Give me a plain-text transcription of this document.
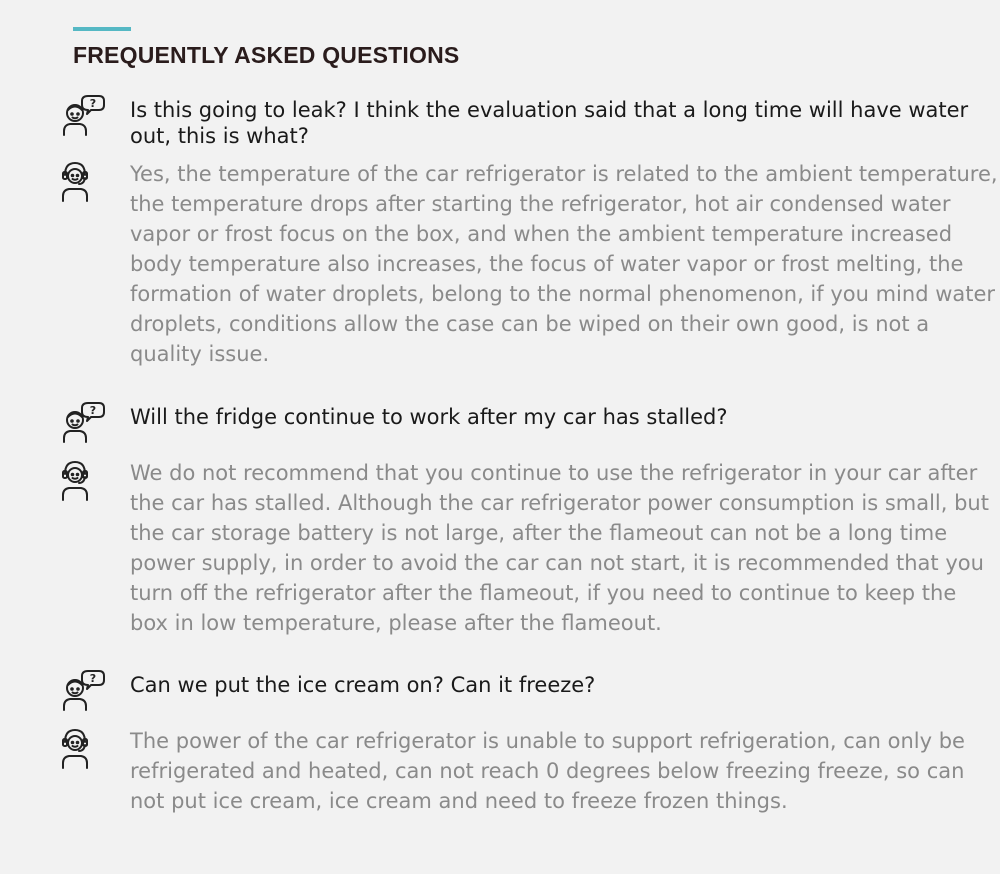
FREQUENTLY ASKED QUESTIONS
? Is this going to leak? I think the evaluation said that a long time will have water out, this is what?

Yes, the temperature of the car refrigerator is related to the ambient temperature, the temperature drops after starting the refrigerator, hot air condensed water vapor or frost focus on the box, and when the ambient temperature increased body temperature also increases, the focus of water vapor or frost melting, the formation of water droplets, belong to the normal phenomenon, if you mind water droplets, conditions allow the case can be wiped on their own good, is not a quality issue.

? Will the fridge continue to work after my car has stalled?

We do not recommend that you continue to use the refrigerator in your car after the car has stalled. Although the car refrigerator power consumption is small, but the car storage battery is not large, after the flameout can not be a long time power supply, in order to avoid the car can not start, it is recommended that you turn off the refrigerator after the flameout, if you need to continue to keep the box in low temperature, please after the flameout.

? Can we put the ice cream on? Can it freeze?

The power of the car refrigerator is unable to support refrigeration, can only be refrigerated and heated, can not reach 0 degrees below freezing freeze, so can not put ice cream, ice cream and need to freeze frozen things.
